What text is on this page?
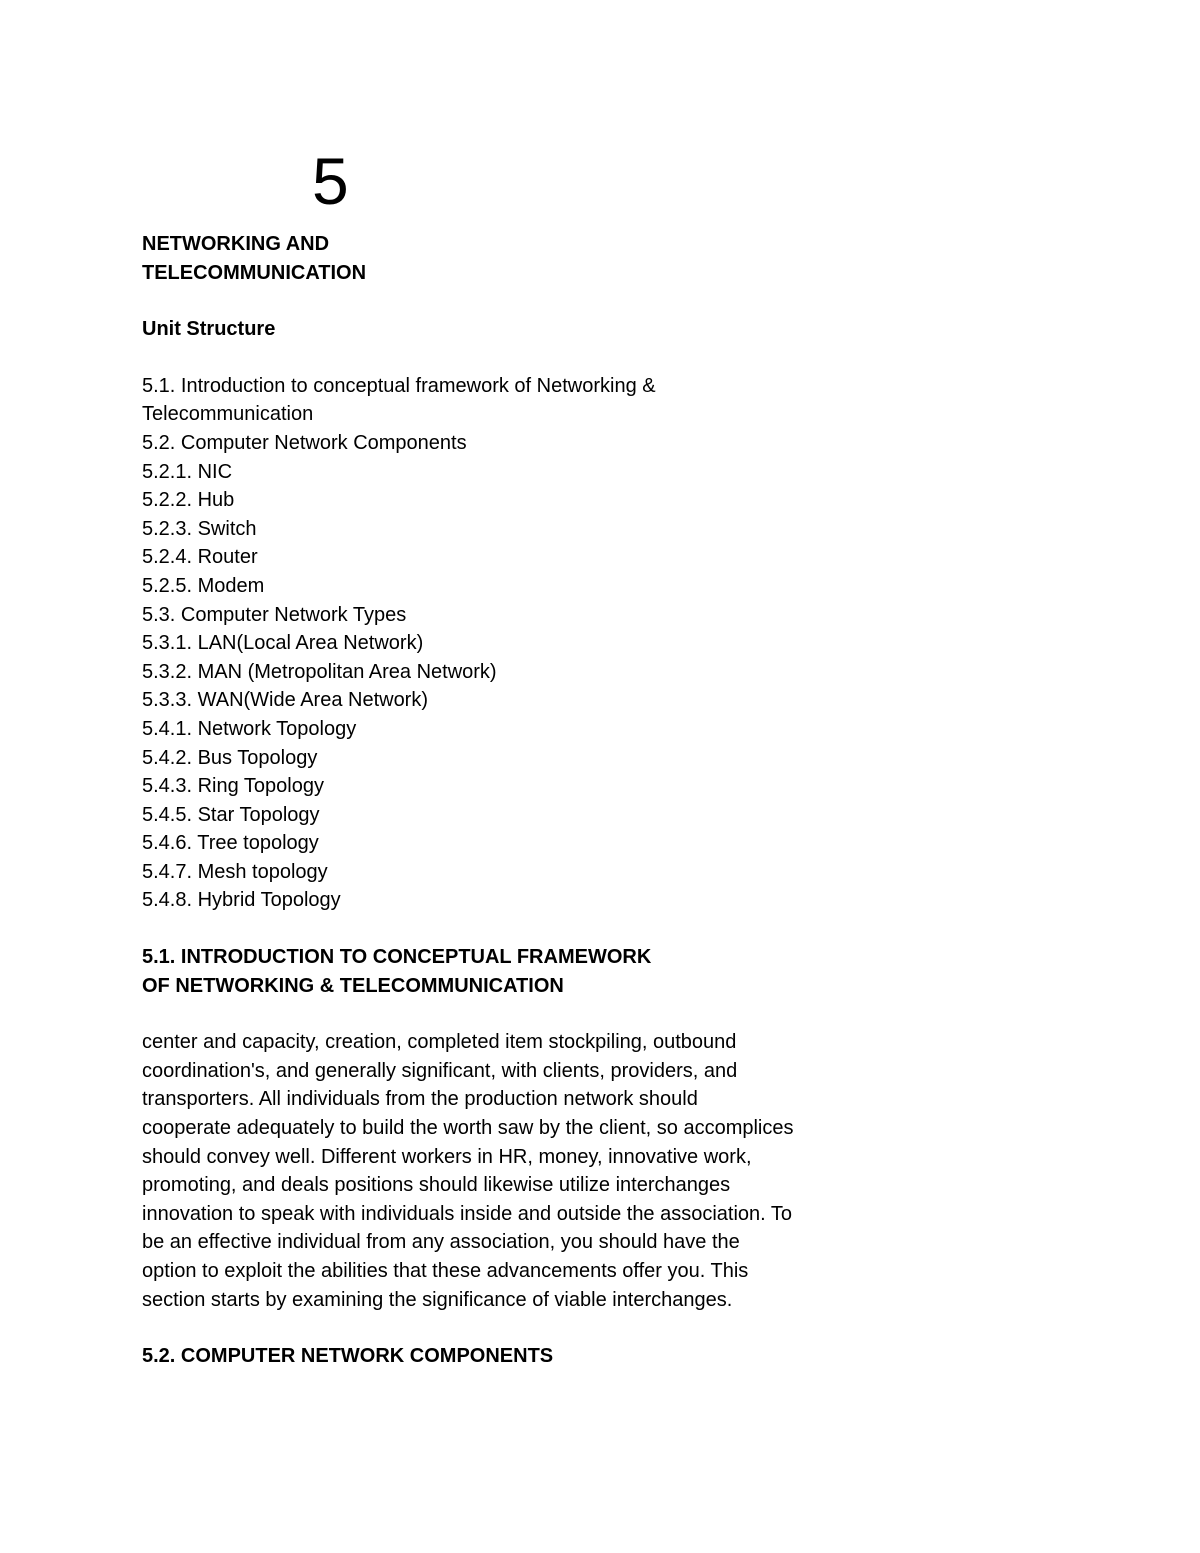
5
NETWORKING AND
TELECOMMUNICATION
Unit Structure
5.1. Introduction to conceptual framework of Networking &
Telecommunication
5.2. Computer Network Components
5.2.1. NIC
5.2.2. Hub
5.2.3. Switch
5.2.4. Router
5.2.5. Modem
5.3. Computer Network Types
5.3.1. LAN(Local Area Network)
5.3.2. MAN (Metropolitan Area Network)
5.3.3. WAN(Wide Area Network)
5.4.1. Network Topology
5.4.2. Bus Topology
5.4.3. Ring Topology
5.4.5. Star Topology
5.4.6. Tree topology
5.4.7. Mesh topology
5.4.8. Hybrid Topology
5.1. INTRODUCTION TO CONCEPTUAL FRAMEWORK
OF NETWORKING & TELECOMMUNICATION

center and capacity, creation, completed item stockpiling, outbound
coordination's, and generally significant, with clients, providers, and
transporters. All individuals from the production network should
cooperate adequately to build the worth saw by the client, so accomplices
should convey well. Different workers in HR, money, innovative work,
promoting, and deals positions should likewise utilize interchanges
innovation to speak with individuals inside and outside the association. To
be an effective individual from any association, you should have the
option to exploit the abilities that these advancements offer you. This
section starts by examining the significance of viable interchanges.

5.2. COMPUTER NETWORK COMPONENTS
